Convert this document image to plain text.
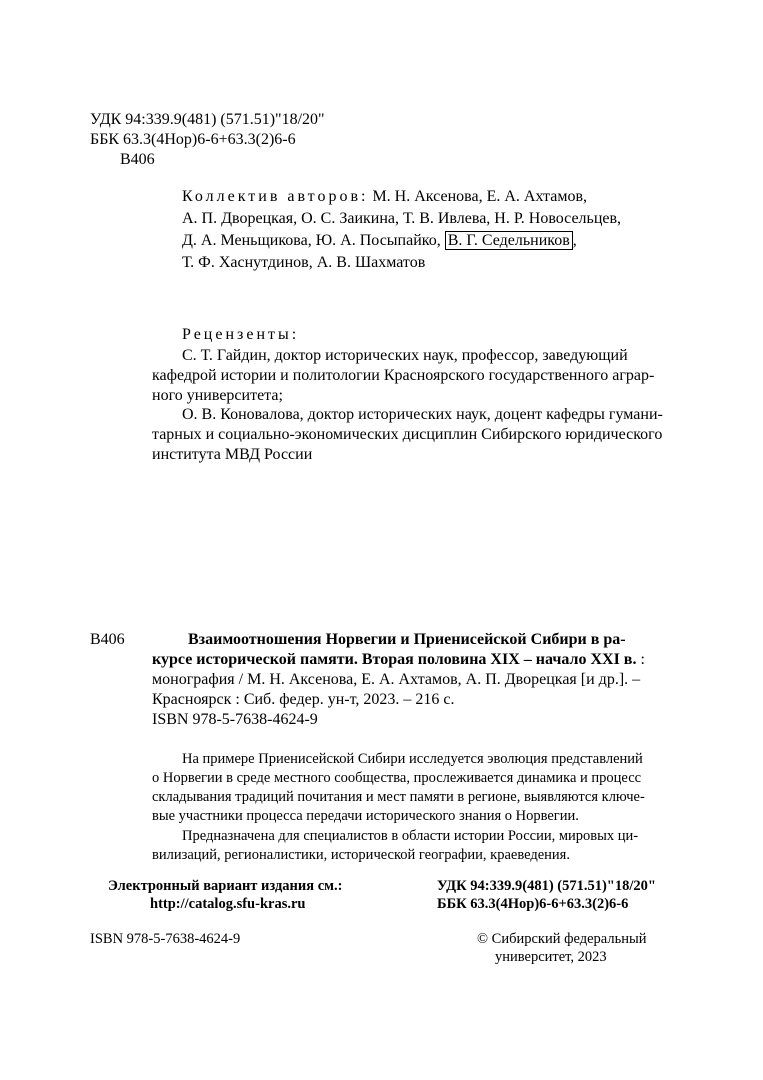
УДК 94:339.9(481) (571.51)"18/20"
ББК 63.3(4Нор)6-6+63.3(2)6-6
В406
Коллектив авторов: М. Н. Аксенова, Е. А. Ахтамов,
А. П. Дворецкая, О. С. Заикина, Т. В. Ивлева, Н. Р. Новосельцев,
Д. А. Меньщикова, Ю. А. Посыпайко, В. Г. Седельников ,
Т. Ф. Хаснутдинов, А. В. Шахматов
Рецензенты:
С. Т. Гайдин, доктор исторических наук, профессор, заведующий
кафедрой истории и политологии Красноярского государственного аграр-
ного университета;
О. В. Коновалова, доктор исторических наук, доцент кафедры гумани-
тарных и социально-экономических дисциплин Сибирского юридического
института МВД России
В406	Взаимоотношения Норвегии и Приенисейской Сибири в ра-
курсе исторической памяти. Вторая половина XIX – начало XXI в. :
монография / М. Н. Аксенова, Е. А. Ахтамов, А. П. Дворецкая [и др.]. –
Красноярск : Сиб. федер. ун-т, 2023. – 216 с.
ISBN 978-5-7638-4624-9
На примере Приенисейской Сибири исследуется эволюция представлений
о Норвегии в среде местного сообщества, прослеживается динамика и процесс
складывания традиций почитания и мест памяти в регионе, выявляются ключе-
вые участники процесса передачи исторического знания о Норвегии.
Предназначена для специалистов в области истории России, мировых ци-
вилизаций, регионалистики, исторической географии, краеведения.
Электронный вариант издания см.:
http://catalog.sfu-kras.ru
УДК 94:339.9(481) (571.51)"18/20"
ББК 63.3(4Нор)6-6+63.3(2)6-6
ISBN 978-5-7638-4624-9	© Сибирский федеральный
университет, 2023
